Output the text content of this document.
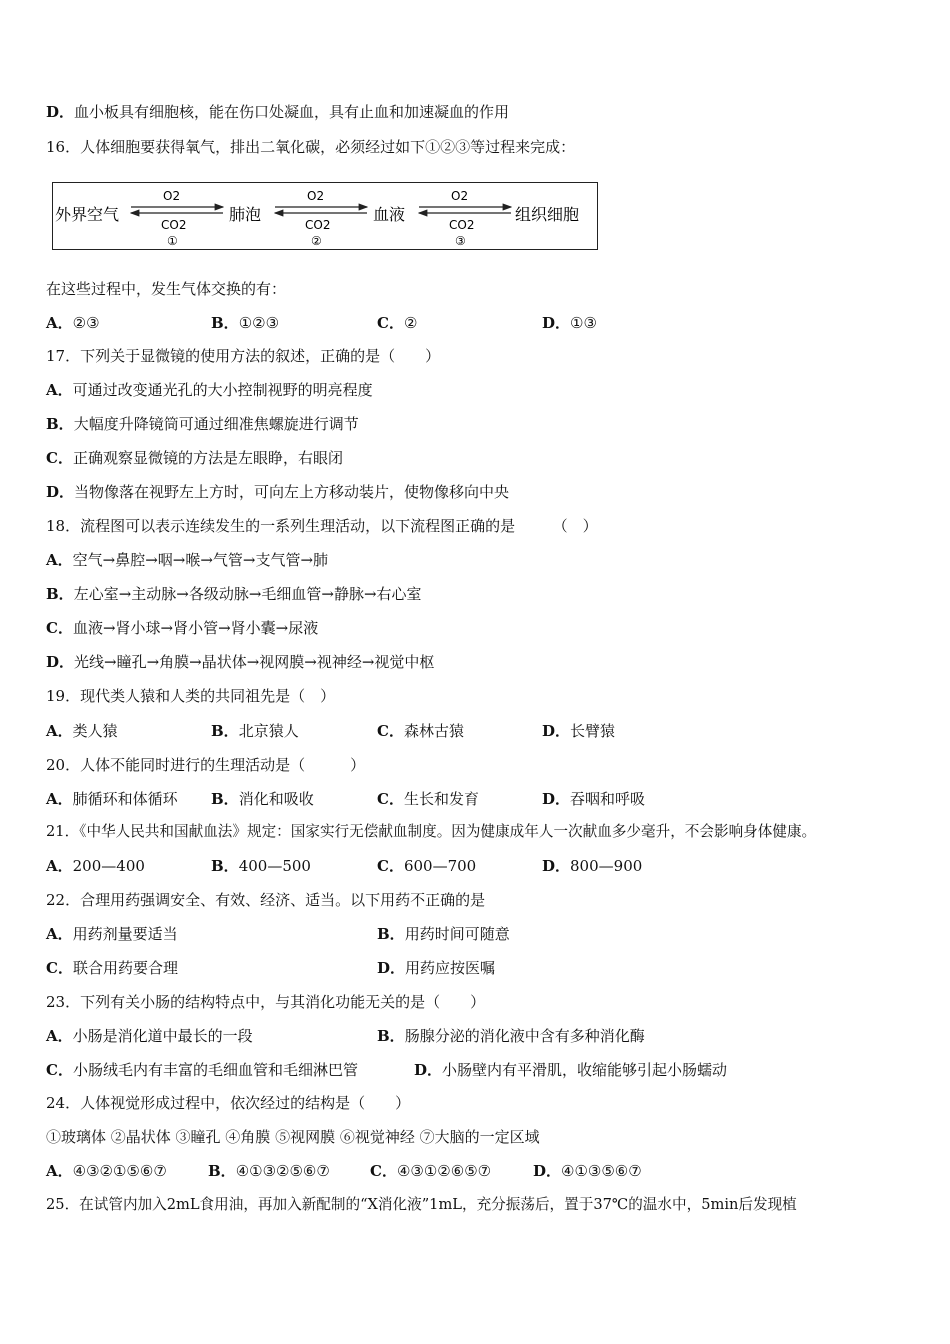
D．血小板具有细胞核，能在伤口处凝血，具有止血和加速凝血的作用
16．人体细胞要获得氧气，排出二氧化碳，必须经过如下①②③等过程来完成：
外界空气	肺泡	血液	组织细胞
O2
CO2
①
O2
CO2
②
O2
CO2
③
在这些过程中，发生气体交换的有：
A．②③	B．①②③	C．②	D．①③
17．下列关于显微镜的使用方法的叙述，正确的是（　　）
A．可通过改变通光孔的大小控制视野的明亮程度
B．大幅度升降镜筒可通过细准焦螺旋进行调节
C．正确观察显微镜的方法是左眼睁，右眼闭
D．当物像落在视野左上方时，可向左上方移动装片，使物像移向中央
18．流程图可以表示连续发生的一系列生理活动，以下流程图正确的是　　　（　）
A．空气→鼻腔→咽→喉→气管→支气管→肺
B．左心室→主动脉→各级动脉→毛细血管→静脉→右心室
C．血液→肾小球→肾小管→肾小囊→尿液
D．光线→瞳孔→角膜→晶状体→视网膜→视神经→视觉中枢
19．现代类人猿和人类的共同祖先是（　）
A．类人猿	B．北京猿人	C．森林古猿	D．长臂猿
20．人体不能同时进行的生理活动是（　　　）
A．肺循环和体循环 B．消化和吸收	C．生长和发育	D．吞咽和呼吸
21．《中华人民共和国献血法》规定：国家实行无偿献血制度。因为健康成年人一次献血多少毫升，不会影响身体健康。
A．200—400	B．400—500	C．600—700	D．800—900
22．合理用药强调安全、有效、经济、适当。以下用药不正确的是
A．用药剂量要适当	B．用药时间可随意
C．联合用药要合理	D．用药应按医嘱
23．下列有关小肠的结构特点中，与其消化功能无关的是（　　）
A．小肠是消化道中最长的一段	B．肠腺分泌的消化液中含有多种消化酶
C．小肠绒毛内有丰富的毛细血管和毛细淋巴管	D．小肠壁内有平滑肌，收缩能够引起小肠蠕动
24．人体视觉形成过程中，依次经过的结构是（　　）
①玻璃体 ②晶状体 ③瞳孔 ④角膜 ⑤视网膜 ⑥视觉神经 ⑦大脑的一定区域
A．④③②①⑤⑥⑦	B．④①③②⑤⑥⑦	C．④③①②⑥⑤⑦	D．④①③⑤⑥⑦
25．在试管内加入2mL食用油，再加入新配制的“X消化液”1mL，充分振荡后，置于37℃的温水中，5min后发现植
